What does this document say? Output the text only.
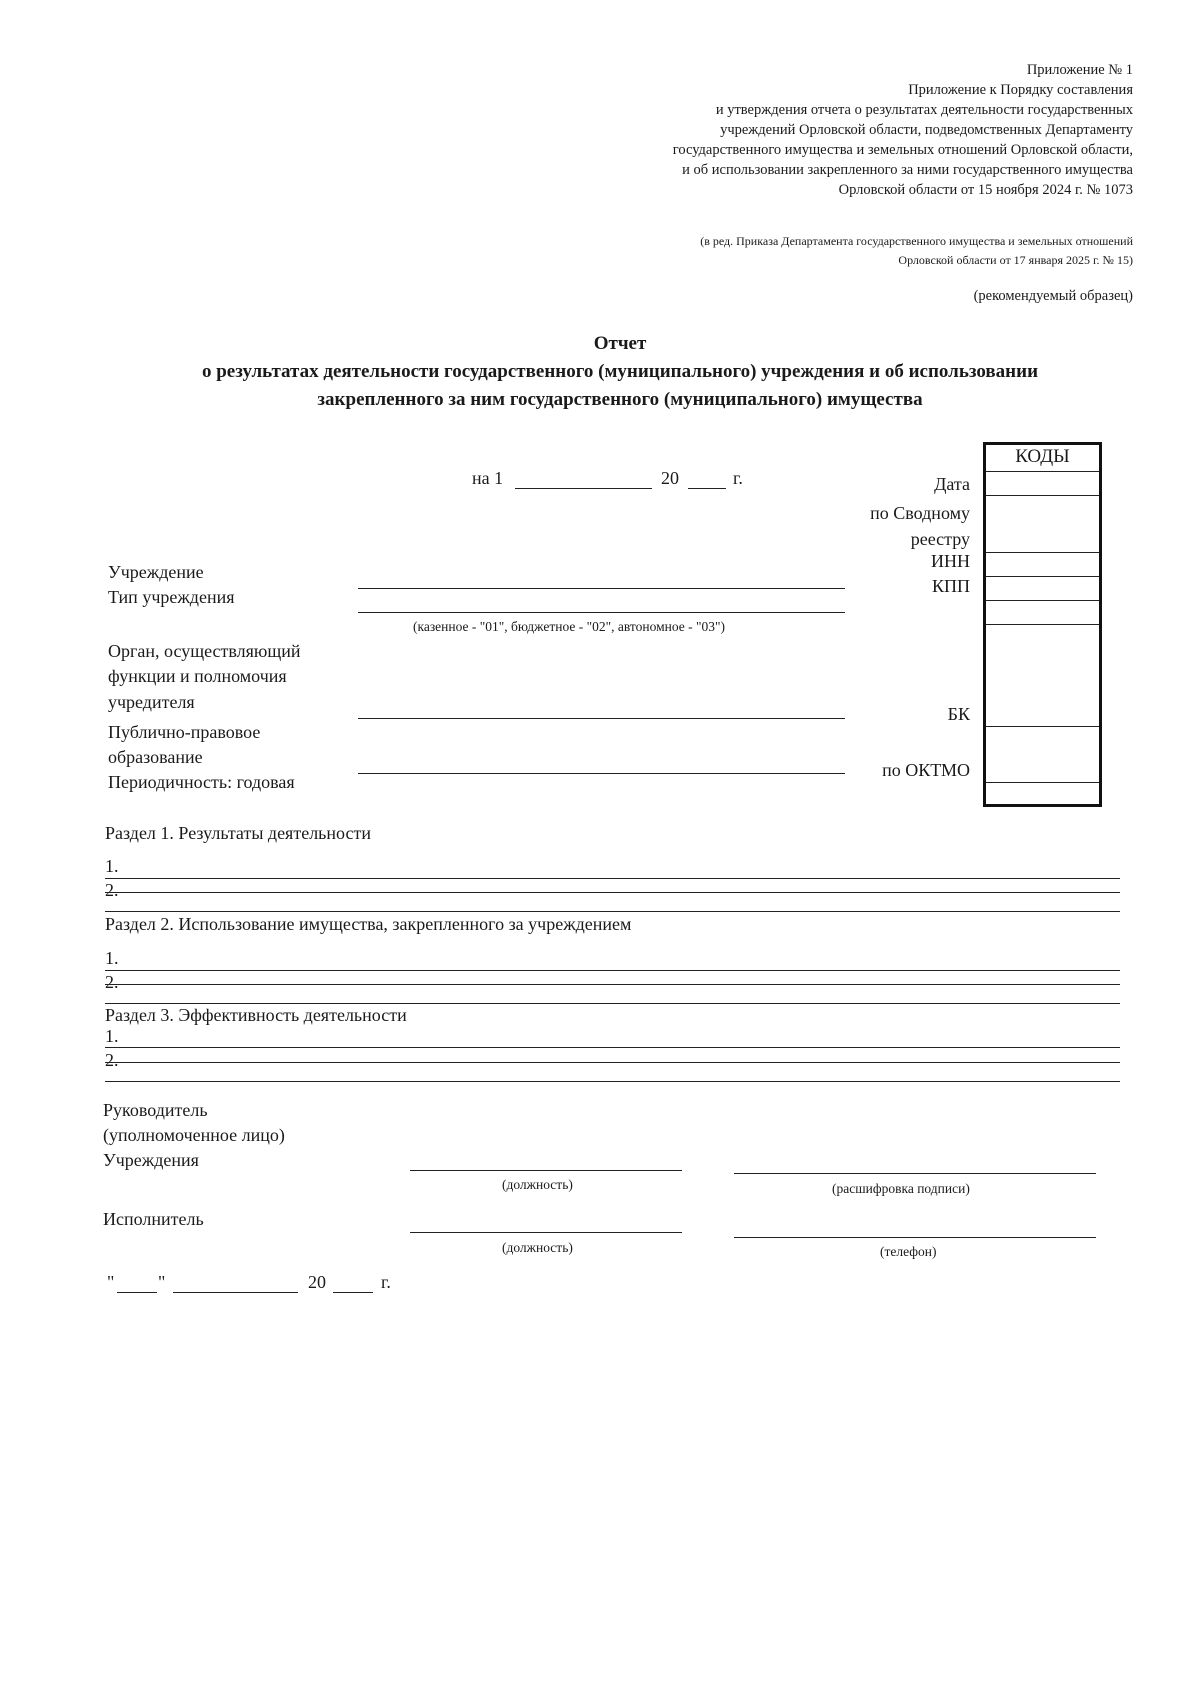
Приложение № 1
Приложение к Порядку составления
и утверждения отчета о результатах деятельности государственных
учреждений Орловской области, подведомственных Департаменту
государственного имущества и земельных отношений Орловской области,
и об использовании закрепленного за ними государственного имущества
Орловской области от 15 ноября 2024 г. № 1073
(в ред. Приказа Департамента государственного имущества и земельных отношений
Орловской области от 17 января 2025 г. № 15)
(рекомендуемый образец)
Отчет
о результатах деятельности государственного (муниципального) учреждения и об использовании
закрепленного за ним государственного (муниципального) имущества
на 1	20	г.	Дата
по Сводному
реестру
ИНН
КПП
БК
по ОКТМО
КОДЫ
Учреждение
Тип учреждения
(казенное - "01", бюджетное - "02", автономное - "03")
Орган, осуществляющий
функции и полномочия
учредителя
Публично-правовое
образование
Периодичность: годовая
Раздел 1. Результаты деятельности
1.
2.
Раздел 2. Использование имущества, закрепленного за учреждением
1.
2.
Раздел 3. Эффективность деятельности
1.
2.
Руководитель
(уполномоченное лицо)
Учреждения
(должность)	(расшифровка подписи)
Исполнитель
(должность)	(телефон)
" "	20	г.
